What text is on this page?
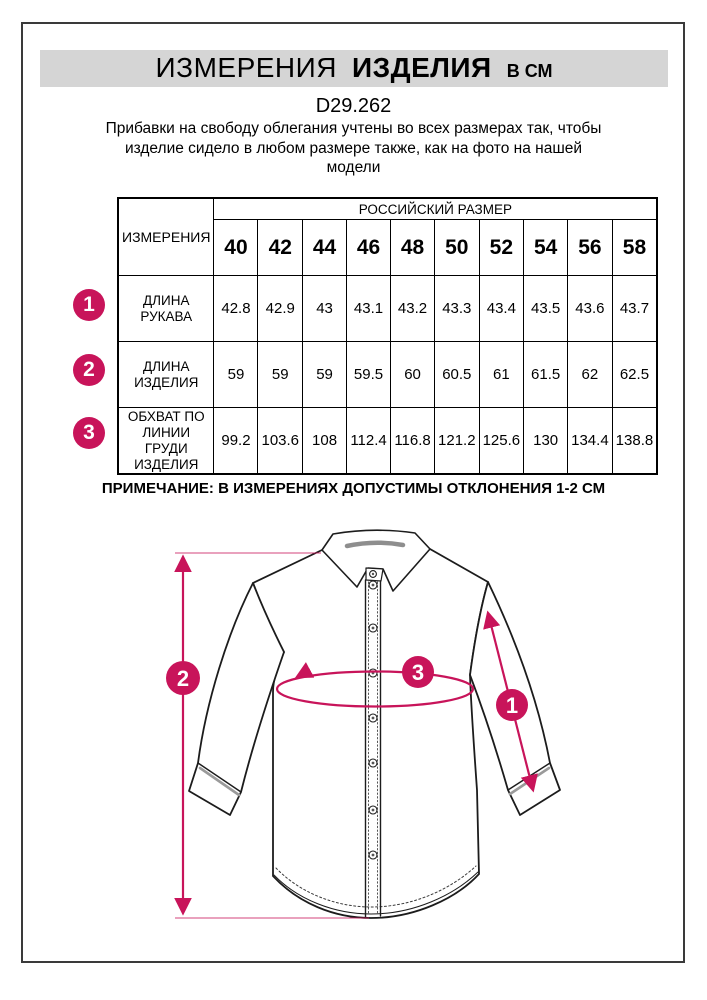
ИЗМЕРЕНИЯ ИЗДЕЛИЯ В СМ
D29.262
Прибавки на свободу облегания учтены во всех размерах так, чтобы изделие сидело в любом размере также, как на фото на нашей модели
ИЗМЕРЕНИЯ	РОССИЙСКИЙ РАЗМЕР									
	40	42	44	46	48	50	52	54	56	58
ДЛИНА РУКАВА	42.8	42.9	43	43.1	43.2	43.3	43.4	43.5	43.6	43.7
ДЛИНА ИЗДЕЛИЯ	59	59	59	59.5	60	60.5	61	61.5	62	62.5
ОБХВАТ ПО ЛИНИИ ГРУДИ ИЗДЕЛИЯ	99.2	103.6	108	112.4	116.8	121.2	125.6	130	134.4	138.8
1
2
3
ПРИМЕЧАНИЕ: В ИЗМЕРЕНИЯХ ДОПУСТИМЫ ОТКЛОНЕНИЯ 1-2 СМ
1
2	3
